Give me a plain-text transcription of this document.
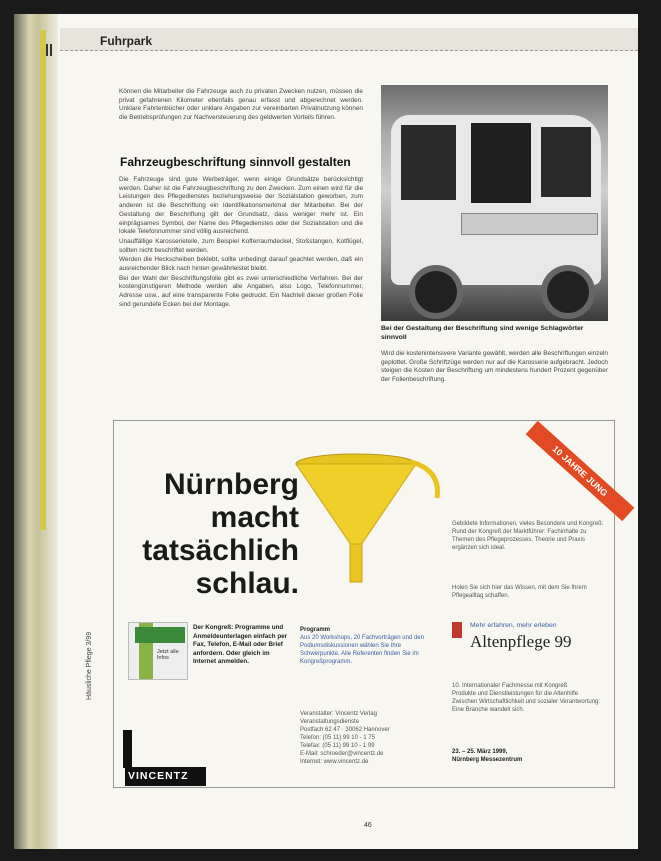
Fuhrpark
Können die Mitarbeiter die Fahrzeuge auch zu privaten Zwecken nutzen, müssen die privat gefahrenen Kilometer ebenfalls genau erfasst und abgerechnet werden. Unklare Fahrtenbücher oder unklare Angaben zur vereinbarten Privatnutzung können die Betriebsprüfungen zur Nachversteuerung des geldwerten Vorteils führen.
Fahrzeugbeschriftung sinnvoll gestalten

Die Fahrzeuge sind gute Werbeträger, wenn einige Grundsätze berücksichtigt werden. Daher ist die Fahrzeugbeschriftung zu den Zwecken. Zum einen wird für die Leistungen des Pflegedienstes beziehungsweise der Sozialstation geworben, zum anderen ist die Beschriftung ein Identifikationsmerkmal der Mitarbeiter. Bei der Gestaltung der Beschriftung gilt der Grundsatz, dass weniger mehr ist. Ein einprägsames Symbol, der Name des Pflegedienstes oder der Sozialstation und die lokale Telefonnummer sind völlig ausreichend.

Unauffällige Karosserieteile, zum Beispiel Kofferraumdeckel, Stoßstangen, Kotflügel, sollten nicht beschriftet werden.

Werden die Heckscheiben beklebt, sollte unbedingt darauf geachtet werden, daß ein ausreichender Blick nach hinten gewährleistet bleibt.

Bei der Wahl der Beschriftungsfolie gibt es zwei unterschiedliche Verfahren. Bei der kostengünstigeren Methode werden alle Angaben, also Logo, Telefonnummer, Adresse usw., auf eine transparente Folie gedruckt. Ein Nachteil dieser großen Folie sind gerundete Ecken bei der Montage.

Bei der Gestaltung der Beschriftung sind wenige Schlagwörter sinnvoll
Wird die kostenintensivere Variante gewählt, werden alle Beschriftungen einzeln geplottet. Große Schriftzüge werden nur auf die Karosserie aufgebracht. Jedoch steigen die Kosten der Beschriftung um mindestens hundert Prozent gegenüber der Folienbeschriftung.
Nürnberg
macht
tatsächlich
schlau.
10 JAHRE JUNG
Gebildete Informationen, vieles Besondere und Kongreß: Rund der Kongreß der Marktführer: Fachinhalte zu Themen des Pflegeprozesses. Theorie und Praxis ergänzen sich ideal.
Holen Sie sich hier das Wissen, mit dem Sie Ihrem Pflegealltag schaffen.
Jetzt alle Infos
Der Kongreß: Programme und Anmeldeunterlagen einfach per Fax, Telefon, E-Mail oder Brief anfordern. Oder gleich im Internet anmelden.
Programm
Aus 20 Workshops, 20 Fachvorträgen und den Podiumsdiskussionen wählen Sie Ihre Schwerpunkte. Alle Referenten finden Sie im Kongreßprogramm.
Mehr erfahren, mehr erleben
Altenpflege 99
10. Internationaler Fachmesse mit Kongreß
Produkte und Dienstleistungen für die Altenhilfe
Zwischen Wirtschaftlichkeit und sozialer Verantwortung: Eine Branche wandelt sich.
23. – 25. März 1999,
Nürnberg Messezentrum
Veranstalter: Vincentz Verlag
Veranstaltungsdienste
Postfach 62 47 · 30062 Hannover
Telefon: (05 11) 99 10 - 1 75
Telefax: (05 11) 99 10 - 1 99
E-Mail: schroeder@vincentz.de
Internet: www.vincentz.de
VINCENTZ
Häusliche Pflege 3/99
46
